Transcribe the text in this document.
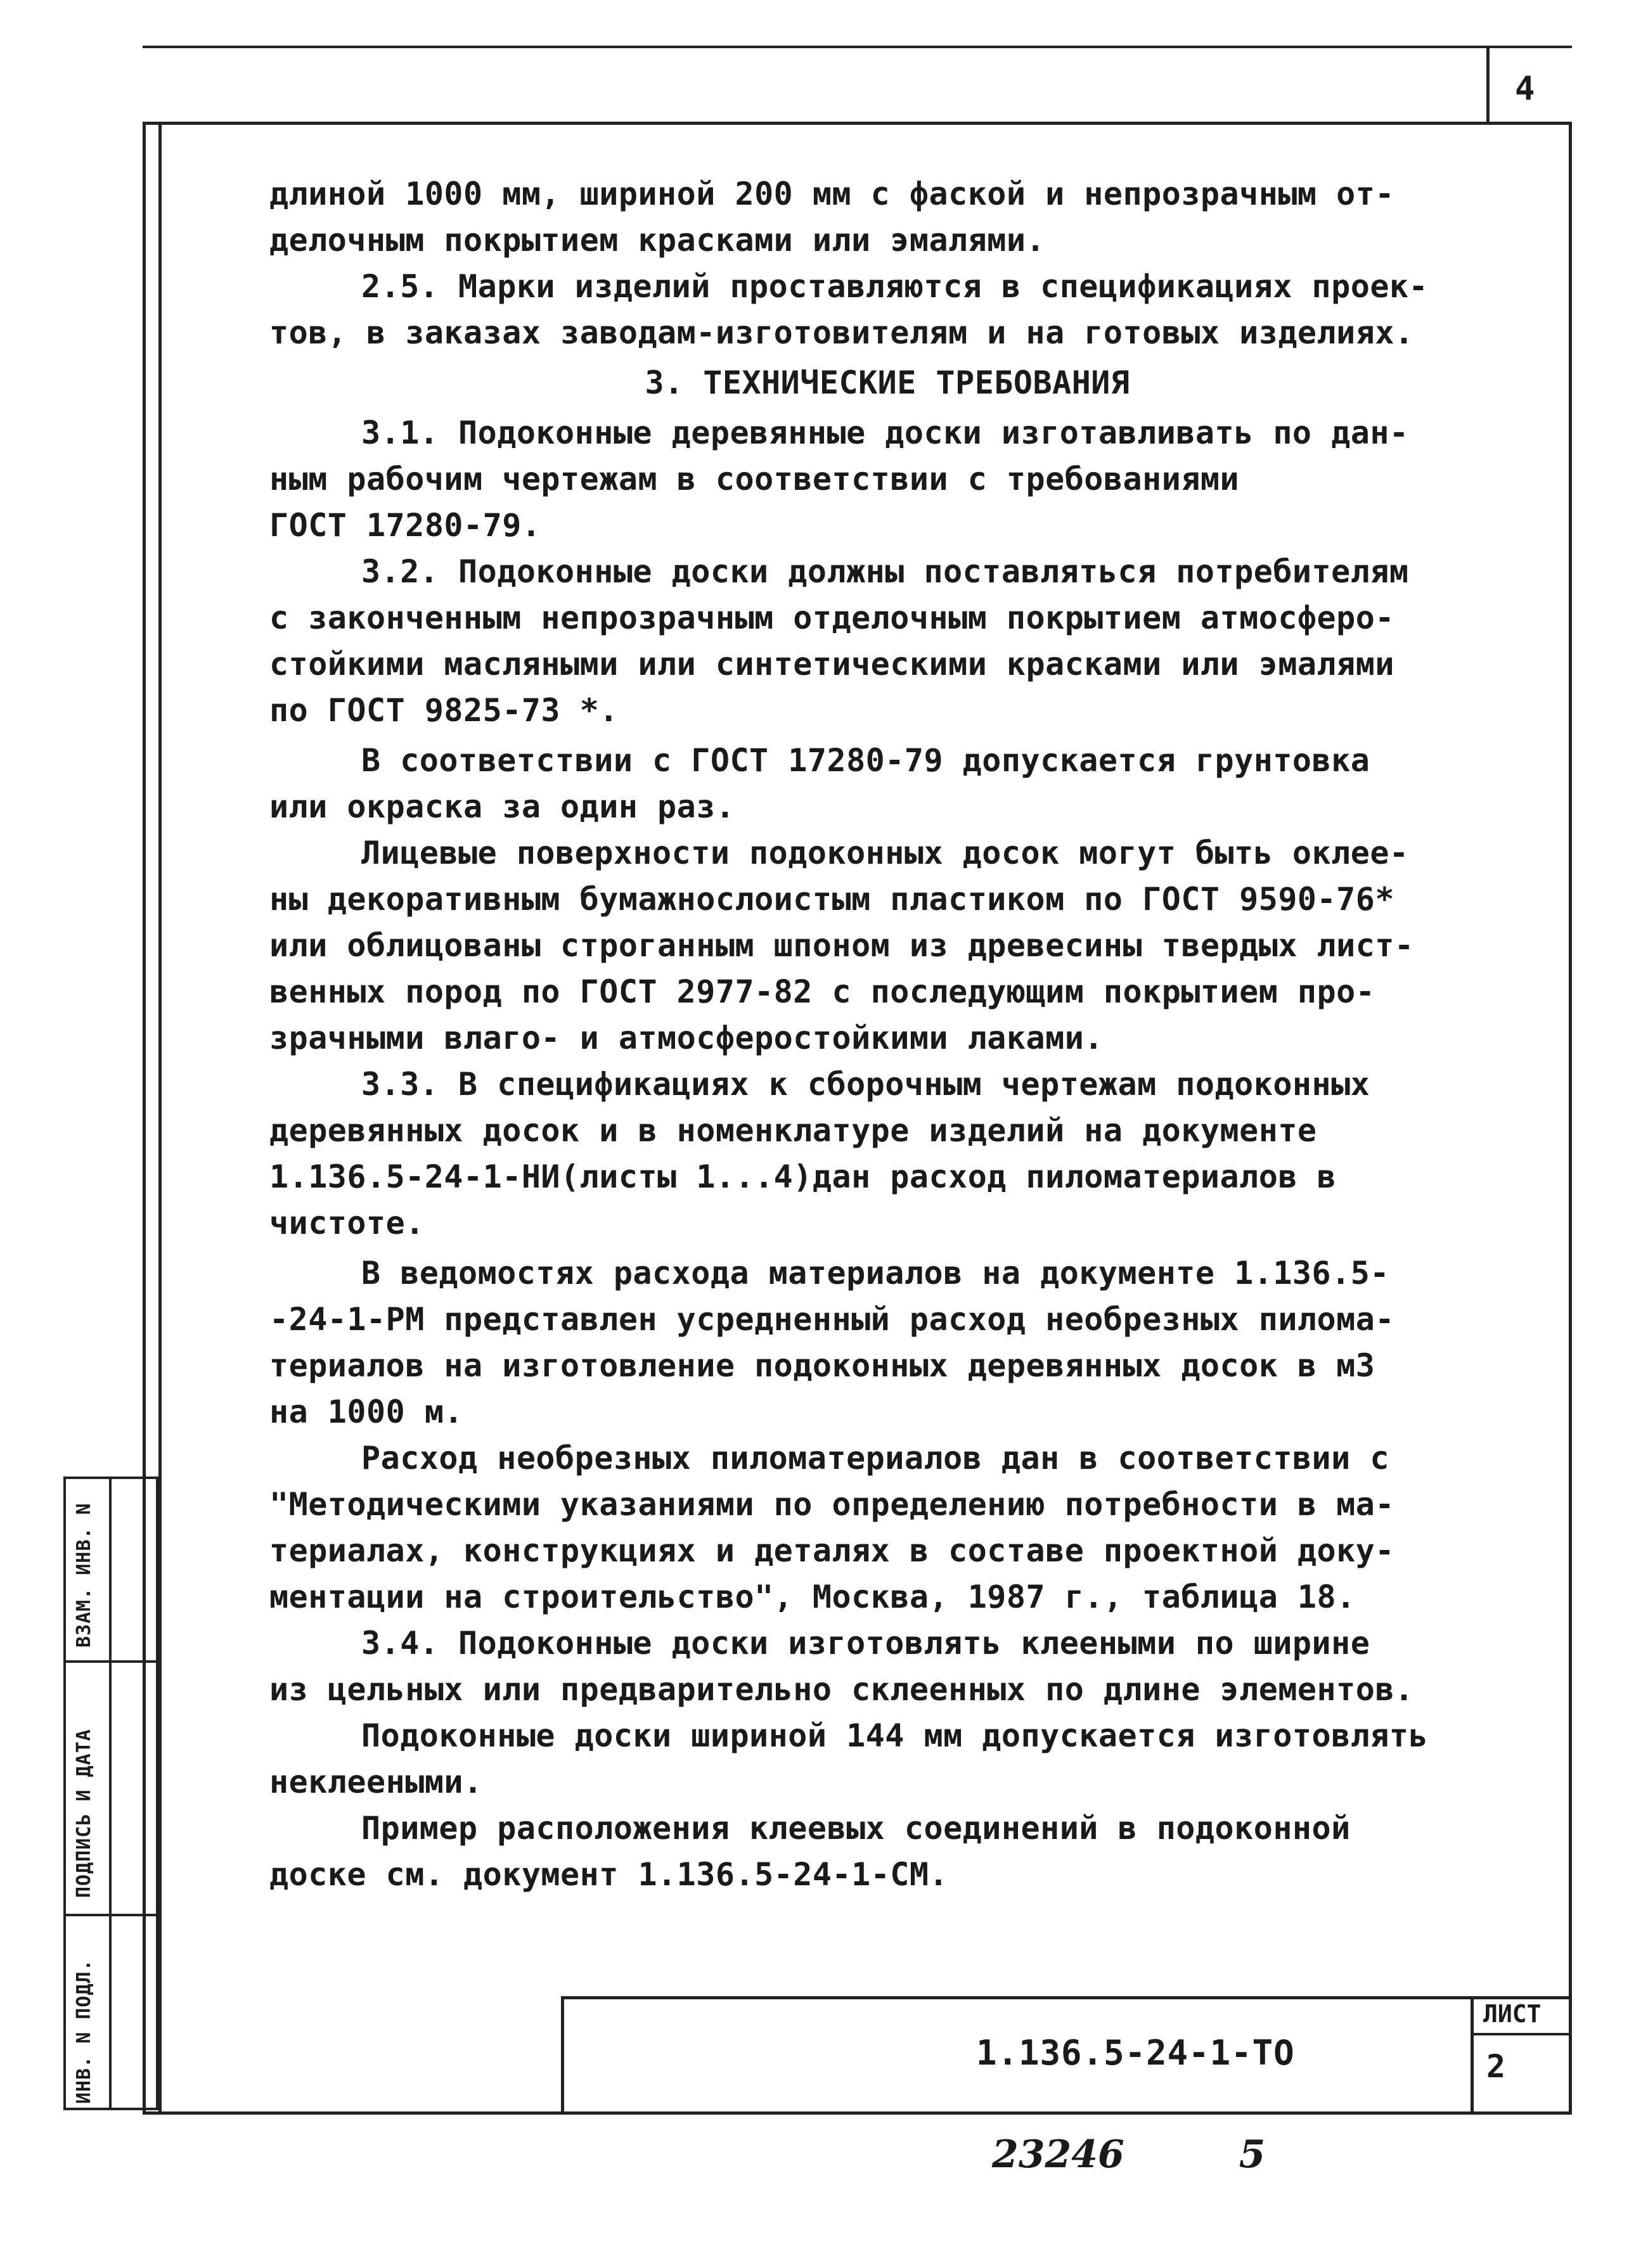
4

длиной 1000 мм, шириной 200 мм с фаской и непрозрачным от-
делочным покрытием красками или эмалями.

2.5. Марки изделий проставляются в спецификациях проек-
тов, в заказах заводам-изготовителям и на готовых изделиях.

3. ТЕХНИЧЕСКИЕ ТРЕБОВАНИЯ

3.1. Подоконные деревянные доски изготавливать по дан-
ным рабочим чертежам в соответствии с требованиями
ГОСТ 17280-79.

3.2. Подоконные доски должны поставляться потребителям
с законченным непрозрачным отделочным покрытием атмосферо-
стойкими масляными или синтетическими красками или эмалями
по ГОСТ 9825-73 *.

В соответствии с ГОСТ 17280-79 допускается грунтовка
или окраска за один раз.

Лицевые поверхности подоконных досок могут быть оклее-
ны декоративным бумажнослоистым пластиком по ГОСТ 9590-76*
или облицованы строганным шпоном из древесины твердых лист-
венных пород по ГОСТ 2977-82 с последующим покрытием про-
зрачными влаго- и атмосферостойкими лаками.

3.3. В спецификациях к сборочным чертежам подоконных
деревянных досок и в номенклатуре изделий на документе
1.136.5-24-1-НИ(листы 1...4)дан расход пиломатериалов в
чистоте.

В ведомостях расхода материалов на документе 1.136.5-
-24-1-РМ представлен усредненный расход необрезных пилома-
териалов на изготовление подоконных деревянных досок в м3
на 1000 м.

Расход необрезных пиломатериалов дан в соответствии с
"Методическими указаниями по определению потребности в ма-
териалах, конструкциях и деталях в составе проектной доку-
ментации на строительство", Москва, 1987 г., таблица 18.

3.4. Подоконные доски изготовлять клееными по ширине
из цельных или предварительно склеенных по длине элементов.

Подоконные доски шириной 144 мм допускается изготовлять
неклееными.

Пример расположения клеевых соединений в подоконной
доске см. документ 1.136.5-24-1-СМ.

ВЗАМ. ИНВ. N
ПОДПИСЬ И ДАТА
ИНВ. N ПОДЛ.	1.136.5-24-1-ТО
ЛИСТ
2
23246	5
